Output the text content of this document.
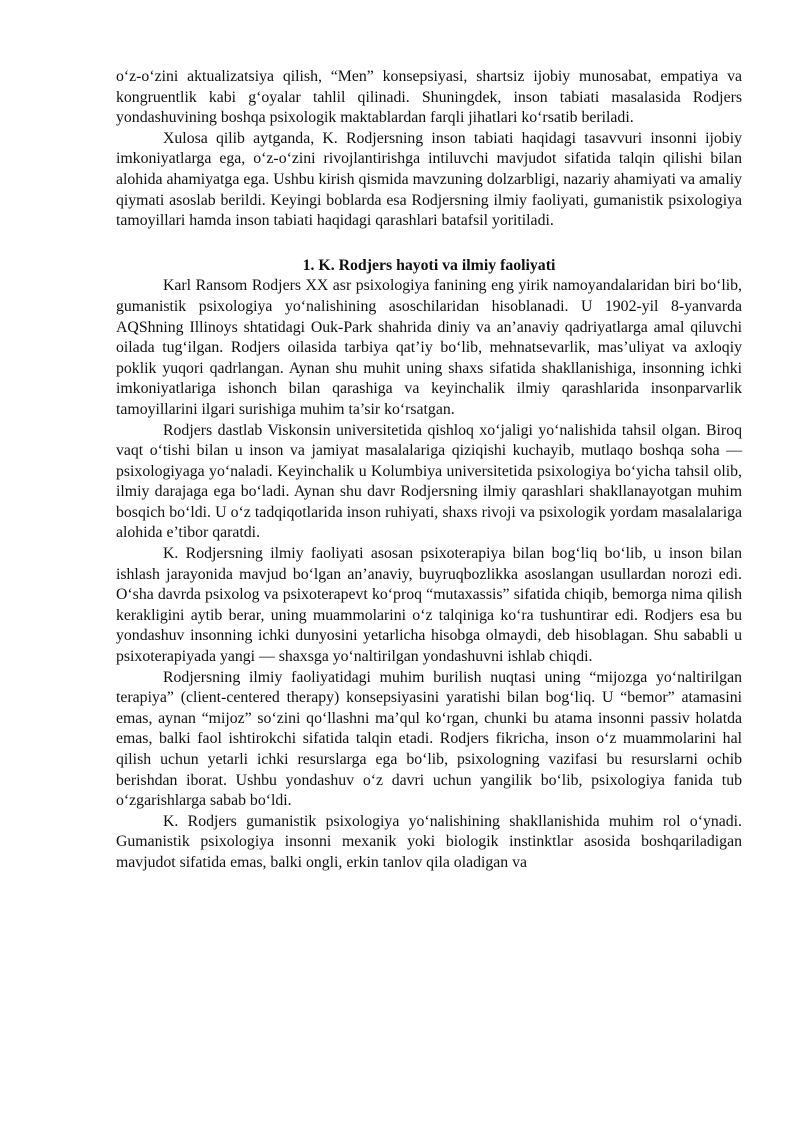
o‘z-o‘zini aktualizatsiya qilish, “Men” konsepsiyasi, shartsiz ijobiy munosabat, empatiya va kongruentlik kabi g‘oyalar tahlil qilinadi. Shuningdek, inson tabiati masalasida Rodjers yondashuvining boshqa psixologik maktablardan farqli jihatlari ko‘rsatib beriladi.

Xulosa qilib aytganda, K. Rodjersning inson tabiati haqidagi tasavvuri insonni ijobiy imkoniyatlarga ega, o‘z-o‘zini rivojlantirishga intiluvchi mavjudot sifatida talqin qilishi bilan alohida ahamiyatga ega. Ushbu kirish qismida mavzuning dolzarbligi, nazariy ahamiyati va amaliy qiymati asoslab berildi. Keyingi boblarda esa Rodjersning ilmiy faoliyati, gumanistik psixologiya tamoyillari hamda inson tabiati haqidagi qarashlari batafsil yoritiladi.

1. K. Rodjers hayoti va ilmiy faoliyati

Karl Ransom Rodjers XX asr psixologiya fanining eng yirik namoyandalaridan biri bo‘lib, gumanistik psixologiya yo‘nalishining asoschilaridan hisoblanadi. U 1902-yil 8-yanvarda AQShning Illinoys shtatidagi Ouk-Park shahrida diniy va an’anaviy qadriyatlarga amal qiluvchi oilada tug‘ilgan. Rodjers oilasida tarbiya qat’iy bo‘lib, mehnatsevarlik, mas’uliyat va axloqiy poklik yuqori qadrlangan. Aynan shu muhit uning shaxs sifatida shakllanishiga, insonning ichki imkoniyatlariga ishonch bilan qarashiga va keyinchalik ilmiy qarashlarida insonparvarlik tamoyillarini ilgari surishiga muhim ta’sir ko‘rsatgan.

Rodjers dastlab Viskonsin universitetida qishloq xo‘jaligi yo‘nalishida tahsil olgan. Biroq vaqt o‘tishi bilan u inson va jamiyat masalalariga qiziqishi kuchayib, mutlaqo boshqa soha — psixologiyaga yo‘naladi. Keyinchalik u Kolumbiya universitetida psixologiya bo‘yicha tahsil olib, ilmiy darajaga ega bo‘ladi. Aynan shu davr Rodjersning ilmiy qarashlari shakllanayotgan muhim bosqich bo‘ldi. U o‘z tadqiqotlarida inson ruhiyati, shaxs rivoji va psixologik yordam masalalariga alohida e’tibor qaratdi.

K. Rodjersning ilmiy faoliyati asosan psixoterapiya bilan bog‘liq bo‘lib, u inson bilan ishlash jarayonida mavjud bo‘lgan an’anaviy, buyruqbozlikka asoslangan usullardan norozi edi. O‘sha davrda psixolog va psixoterapevt ko‘proq “mutaxassis” sifatida chiqib, bemorga nima qilish kerakligini aytib berar, uning muammolarini o‘z talqiniga ko‘ra tushuntirar edi. Rodjers esa bu yondashuv insonning ichki dunyosini yetarlicha hisobga olmaydi, deb hisoblagan. Shu sababli u psixoterapiyada yangi — shaxsga yo‘naltirilgan yondashuvni ishlab chiqdi.

Rodjersning ilmiy faoliyatidagi muhim burilish nuqtasi uning “mijozga yo‘naltirilgan terapiya” (client-centered therapy) konsepsiyasini yaratishi bilan bog‘liq. U “bemor” atamasini emas, aynan “mijoz” so‘zini qo‘llashni ma’qul ko‘rgan, chunki bu atama insonni passiv holatda emas, balki faol ishtirokchi sifatida talqin etadi. Rodjers fikricha, inson o‘z muammolarini hal qilish uchun yetarli ichki resurslarga ega bo‘lib, psixologning vazifasi bu resurslarni ochib berishdan iborat. Ushbu yondashuv o‘z davri uchun yangilik bo‘lib, psixologiya fanida tub o‘zgarishlarga sabab bo‘ldi.

K. Rodjers gumanistik psixologiya yo‘nalishining shakllanishida muhim rol o‘ynadi. Gumanistik psixologiya insonni mexanik yoki biologik instinktlar asosida boshqariladigan mavjudot sifatida emas, balki ongli, erkin tanlov qila oladigan va
